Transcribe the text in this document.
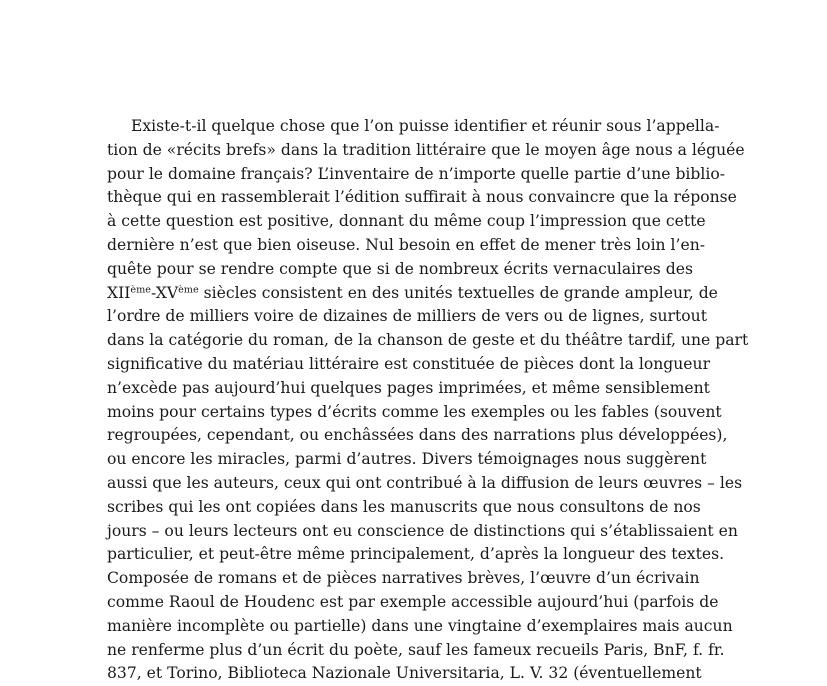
Existe-t-il quelque chose que l’on puisse identifier et réunir sous l’appella-
tion de «récits brefs» dans la tradition littéraire que le moyen âge nous a léguée
pour le domaine français? L’inventaire de n’importe quelle partie d’une biblio-
thèque qui en rassemblerait l’édition suffirait à nous convaincre que la réponse
à cette question est positive, donnant du même coup l’impression que cette
dernière n’est que bien oiseuse. Nul besoin en effet de mener très loin l’en-
quête pour se rendre compte que si de nombreux écrits vernaculaires des
XIIème-XVème siècles consistent en des unités textuelles de grande ampleur, de
l’ordre de milliers voire de dizaines de milliers de vers ou de lignes, surtout
dans la catégorie du roman, de la chanson de geste et du théâtre tardif, une part
significative du matériau littéraire est constituée de pièces dont la longueur
n’excède pas aujourd’hui quelques pages imprimées, et même sensiblement
moins pour certains types d’écrits comme les exemples ou les fables (souvent
regroupées, cependant, ou enchâssées dans des narrations plus développées),
ou encore les miracles, parmi d’autres. Divers témoignages nous suggèrent
aussi que les auteurs, ceux qui ont contribué à la diffusion de leurs œuvres – les
scribes qui les ont copiées dans les manuscrits que nous consultons de nos
jours – ou leurs lecteurs ont eu conscience de distinctions qui s’établissaient en
particulier, et peut-être même principalement, d’après la longueur des textes.
Composée de romans et de pièces narratives brèves, l’œuvre d’un écrivain
comme Raoul de Houdenc est par exemple accessible aujourd’hui (parfois de
manière incomplète ou partielle) dans une vingtaine d’exemplaires mais aucun
ne renferme plus d’un écrit du poète, sauf les fameux recueils Paris, BnF, f. fr.
837, et Torino, Biblioteca Nazionale Universitaria, L. V. 32 (éventuellement
